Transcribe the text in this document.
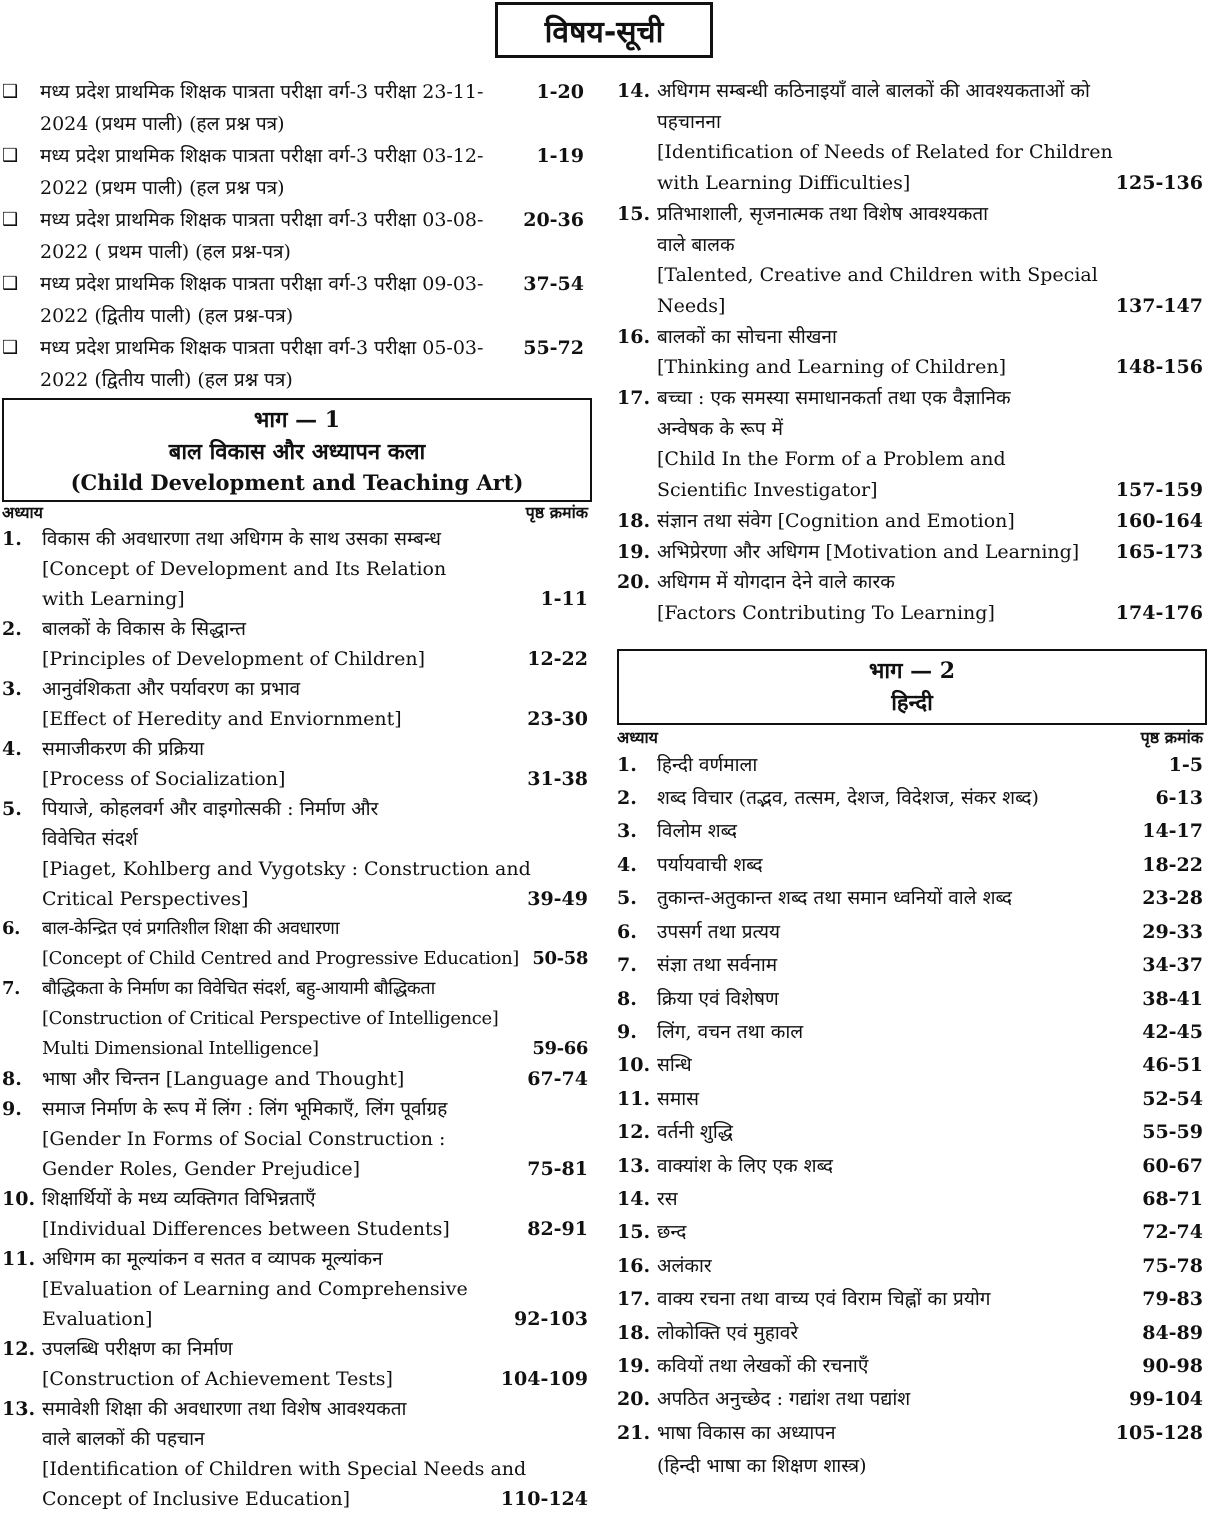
विषय-सूची
❑	मध्य प्रदेश प्राथमिक शिक्षक पात्रता परीक्षा वर्ग-3 परीक्षा 23-11-2024 (प्रथम पाली) (हल प्रश्न पत्र)
1-20
❑	मध्य प्रदेश प्राथमिक शिक्षक पात्रता परीक्षा वर्ग-3 परीक्षा 03-12-2022 (प्रथम पाली) (हल प्रश्न पत्र)
1-19
❑	मध्य प्रदेश प्राथमिक शिक्षक पात्रता परीक्षा वर्ग-3 परीक्षा 03-08-2022 ( प्रथम पाली) (हल प्रश्न-पत्र)
20-36
❑	मध्य प्रदेश प्राथमिक शिक्षक पात्रता परीक्षा वर्ग-3 परीक्षा 09-03-2022 (द्वितीय पाली) (हल प्रश्न-पत्र)
37-54
❑	मध्य प्रदेश प्राथमिक शिक्षक पात्रता परीक्षा वर्ग-3 परीक्षा 05-03-2022 (द्वितीय पाली) (हल प्रश्न पत्र)
55-72
भाग — 1
बाल विकास और अध्यापन कला
(Child Development and Teaching Art)
अध्याय	पृष्ठ क्रमांक
1.	विकास की अवधारणा तथा अधिगम के साथ उसका सम्बन्ध
[Concept of Development and Its Relation
with Learning]	1-11
2.	बालकों के विकास के सिद्धान्त
[Principles of Development of Children]	12-22
3.	आनुवंशिकता और पर्यावरण का प्रभाव
[Effect of Heredity and Enviornment]	23-30
4.	समाजीकरण की प्रक्रिया
[Process of Socialization]	31-38
5.	पियाजे, कोहलवर्ग और वाइगोत्सकी : निर्माण और
विवेचित संदर्श
[Piaget, Kohlberg and Vygotsky : Construction and
Critical Perspectives]	39-49
6.	बाल-केन्द्रित एवं प्रगतिशील शिक्षा की अवधारणा
[Concept of Child Centred and Progressive Education] 50-58
7.	बौद्धिकता के निर्माण का विवेचित संदर्श, बहु-आयामी बौद्धिकता
[Construction of Critical Perspective of Intelligence]
Multi Dimensional Intelligence]	59-66
8.	भाषा और चिन्तन [Language and Thought]	67-74
9.	समाज निर्माण के रूप में लिंग : लिंग भूमिकाएँ, लिंग पूर्वाग्रह
[Gender In Forms of Social Construction :
Gender Roles, Gender Prejudice]	75-81
10. शिक्षार्थियों के मध्य व्यक्तिगत विभिन्नताएँ
[Individual Differences between Students]	82-91
11. अधिगम का मूल्यांकन व सतत व व्यापक मूल्यांकन
[Evaluation of Learning and Comprehensive
Evaluation]	92-103
12. उपलब्धि परीक्षण का निर्माण
[Construction of Achievement Tests]	104-109
13. समावेशी शिक्षा की अवधारणा तथा विशेष आवश्यकता
वाले बालकों की पहचान
[Identification of Children with Special Needs and
Concept of Inclusive Education]	110-124
14. अधिगम सम्बन्धी कठिनाइयाँ वाले बालकों की आवश्यकताओं को
पहचानना
[Identification of Needs of Related for Children
with Learning Difficulties]	125-136
15. प्रतिभाशाली, सृजनात्मक तथा विशेष आवश्यकता
वाले बालक
[Talented, Creative and Children with Special
Needs]	137-147
16. बालकों का सोचना सीखना
[Thinking and Learning of Children]	148-156
17. बच्चा : एक समस्या समाधानकर्ता तथा एक वैज्ञानिक
अन्वेषक के रूप में
[Child In the Form of a Problem and
Scientific Investigator]	157-159
18. संज्ञान तथा संवेग [Cognition and Emotion]	160-164
19. अभिप्रेरणा और अधिगम [Motivation and Learning]	165-173
20. अधिगम में योगदान देने वाले कारक
[Factors Contributing To Learning]	174-176
भाग — 2
हिन्दी
अध्याय	पृष्ठ क्रमांक
1.	हिन्दी वर्णमाला	1-5
2.	शब्द विचार (तद्भव, तत्सम, देशज, विदेशज, संकर शब्द)	6-13
3.	विलोम शब्द	14-17
4.	पर्यायवाची शब्द	18-22
5.	तुकान्त-अतुकान्त शब्द तथा समान ध्वनियों वाले शब्द	23-28
6.	उपसर्ग तथा प्रत्यय	29-33
7.	संज्ञा तथा सर्वनाम	34-37
8.	क्रिया एवं विशेषण	38-41
9.	लिंग, वचन तथा काल	42-45
10. सन्धि	46-51
11. समास	52-54
12. वर्तनी शुद्धि	55-59
13. वाक्यांश के लिए एक शब्द	60-67
14. रस	68-71
15. छन्द	72-74
16. अलंकार	75-78
17. वाक्य रचना तथा वाच्य एवं विराम चिह्नों का प्रयोग	79-83
18. लोकोक्ति एवं मुहावरे	84-89
19. कवियों तथा लेखकों की रचनाएँ	90-98
20. अपठित अनुच्छेद : गद्यांश तथा पद्यांश	99-104
21. भाषा विकास का अध्यापन	105-128
(हिन्दी भाषा का शिक्षण शास्त्र)
